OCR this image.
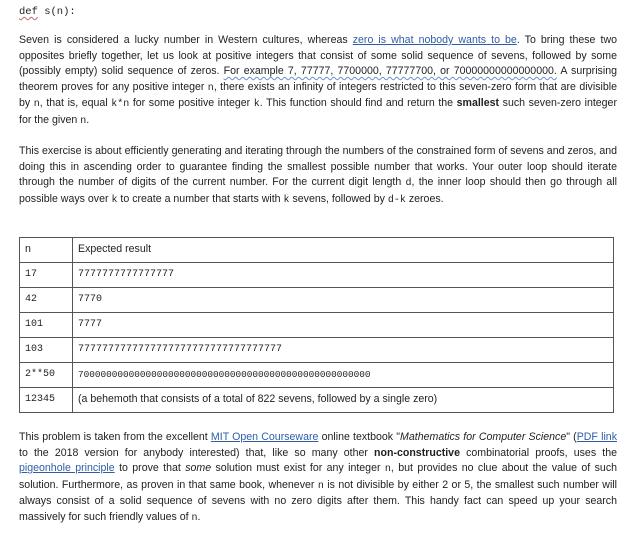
def s(n):

Seven is considered a lucky number in Western cultures, whereas zero is what nobody wants to be. To bring these two opposites briefly together, let us look at positive integers that consist of some solid sequence of sevens, followed by some (possibly empty) solid sequence of zeros. For example 7, 77777, 7700000, 77777700, or 70000000000000000. A surprising theorem proves for any positive integer n, there exists an infinity of integers restricted to this seven-zero form that are divisible by n, that is, equal k*n for some positive integer k. This function should find and return the smallest such seven-zero integer for the given n.

This exercise is about efficiently generating and iterating through the numbers of the constrained form of sevens and zeros, and doing this in ascending order to guarantee finding the smallest possible number that works. Your outer loop should iterate through the number of digits of the current number. For the current digit length d, the inner loop should then go through all possible ways over k to create a number that starts with k sevens, followed by d-k zeroes.

n	Expected result
17	7777777777777777
42	7770
101	7777
103	7777777777777777777777777777777777
2**50	7000000000000000000000000000000000000000000000000000
12345	(a behemoth that consists of a total of 822 sevens, followed by a single zero)

This problem is taken from the excellent MIT Open Courseware online textbook "Mathematics for Computer Science" (PDF link to the 2018 version for anybody interested) that, like so many other non-constructive combinatorial proofs, uses the pigeonhole principle to prove that some solution must exist for any integer n, but provides no clue about the value of such solution. Furthermore, as proven in that same book, whenever n is not divisible by either 2 or 5, the smallest such number will always consist of a solid sequence of sevens with no zero digits after them. This handy fact can speed up your search massively for such friendly values of n.
